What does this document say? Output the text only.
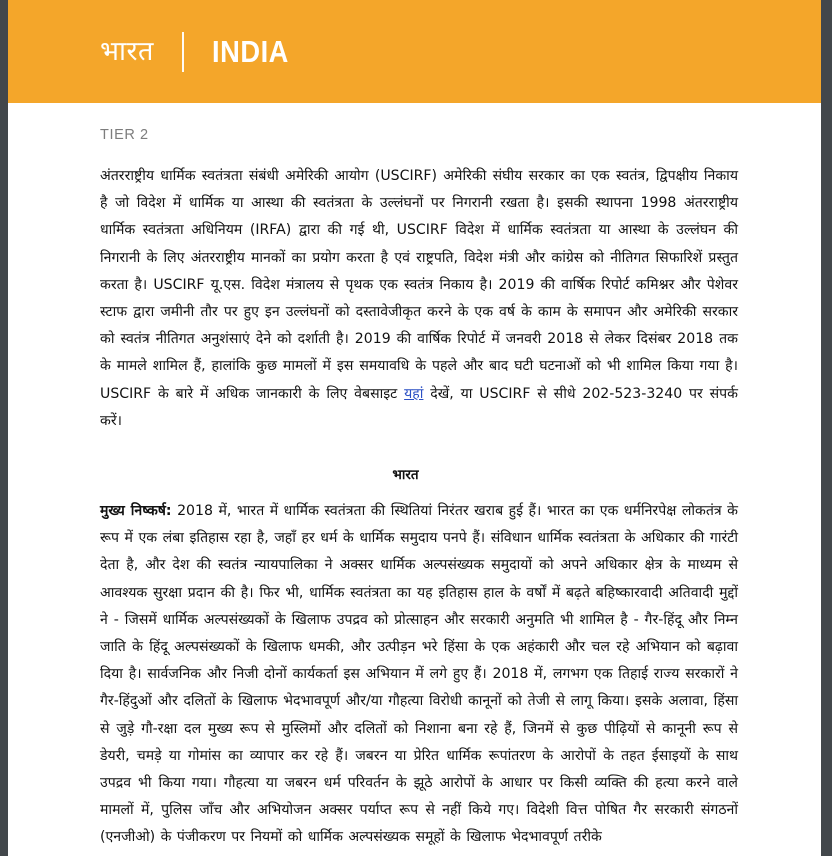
भारत INDIA
TIER 2

अंतरराष्ट्रीय धार्मिक स्वतंत्रता संबंधी अमेरिकी आयोग (USCIRF) अमेरिकी संघीय सरकार का एक स्वतंत्र, द्विपक्षीय निकाय है जो विदेश में धार्मिक या आस्था की स्वतंत्रता के उल्लंघनों पर निगरानी रखता है। इसकी स्थापना 1998 अंतरराष्ट्रीय धार्मिक स्वतंत्रता अधिनियम (IRFA) द्वारा की गई थी, USCIRF विदेश में धार्मिक स्वतंत्रता या आस्था के उल्लंघन की निगरानी के लिए अंतरराष्ट्रीय मानकों का प्रयोग करता है एवं राष्ट्रपति, विदेश मंत्री और कांग्रेस को नीतिगत सिफारिशें प्रस्तुत करता है। USCIRF यू.एस. विदेश मंत्रालय से पृथक एक स्वतंत्र निकाय है। 2019 की वार्षिक रिपोर्ट कमिश्नर और पेशेवर स्टाफ द्वारा जमीनी तौर पर हुए इन उल्लंघनों को दस्तावेजीकृत करने के एक वर्ष के काम के समापन और अमेरिकी सरकार को स्वतंत्र नीतिगत अनुशंसाएं देने को दर्शाती है। 2019 की वार्षिक रिपोर्ट में जनवरी 2018 से लेकर दिसंबर 2018 तक के मामले शामिल हैं, हालांकि कुछ मामलों में इस समयावधि के पहले और बाद घटी घटनाओं को भी शामिल किया गया है। USCIRF के बारे में अधिक जानकारी के लिए वेबसाइट यहां देखें, या USCIRF से सीधे 202-523-3240 पर संपर्क करें।

भारत

मुख्य निष्कर्ष: 2018 में, भारत में धार्मिक स्वतंत्रता की स्थितियां निरंतर खराब हुई हैं। भारत का एक धर्मनिरपेक्ष लोकतंत्र के रूप में एक लंबा इतिहास रहा है, जहाँ हर धर्म के धार्मिक समुदाय पनपे हैं। संविधान धार्मिक स्वतंत्रता के अधिकार की गारंटी देता है, और देश की स्वतंत्र न्यायपालिका ने अक्सर धार्मिक अल्पसंख्यक समुदायों को अपने अधिकार क्षेत्र के माध्यम से आवश्यक सुरक्षा प्रदान की है। फिर भी, धार्मिक स्वतंत्रता का यह इतिहास हाल के वर्षों में बढ़ते बहिष्कारवादी अतिवादी मुद्दों ने - जिसमें धार्मिक अल्पसंख्यकों के खिलाफ उपद्रव को प्रोत्साहन और सरकारी अनुमति भी शामिल है - गैर-हिंदू और निम्न जाति के हिंदू अल्पसंख्यकों के खिलाफ धमकी, और उत्पीड़न भरे हिंसा के एक अहंकारी और चल रहे अभियान को बढ़ावा दिया है। सार्वजनिक और निजी दोनों कार्यकर्ता इस अभियान में लगे हुए हैं। 2018 में, लगभग एक तिहाई राज्य सरकारों ने गैर-हिंदुओं और दलितों के खिलाफ भेदभावपूर्ण और/या गौहत्या विरोधी कानूनों को तेजी से लागू किया। इसके अलावा, हिंसा से जुड़े गौ-रक्षा दल मुख्य रूप से मुस्लिमों और दलितों को निशाना बना रहे हैं, जिनमें से कुछ पीढ़ियों से कानूनी रूप से डेयरी, चमड़े या गोमांस का व्यापार कर रहे हैं। जबरन या प्रेरित धार्मिक रूपांतरण के आरोपों के तहत ईसाइयों के साथ उपद्रव भी किया गया। गौहत्या या जबरन धर्म परिवर्तन के झूठे आरोपों के आधार पर किसी व्यक्ति की हत्या करने वाले मामलों में, पुलिस जाँच और अभियोजन अक्सर पर्याप्त रूप से नहीं किये गए। विदेशी वित्त पोषित गैर सरकारी संगठनों (एनजीओ) के पंजीकरण पर नियमों को धार्मिक अल्पसंख्यक समूहों के खिलाफ भेदभावपूर्ण तरीके
